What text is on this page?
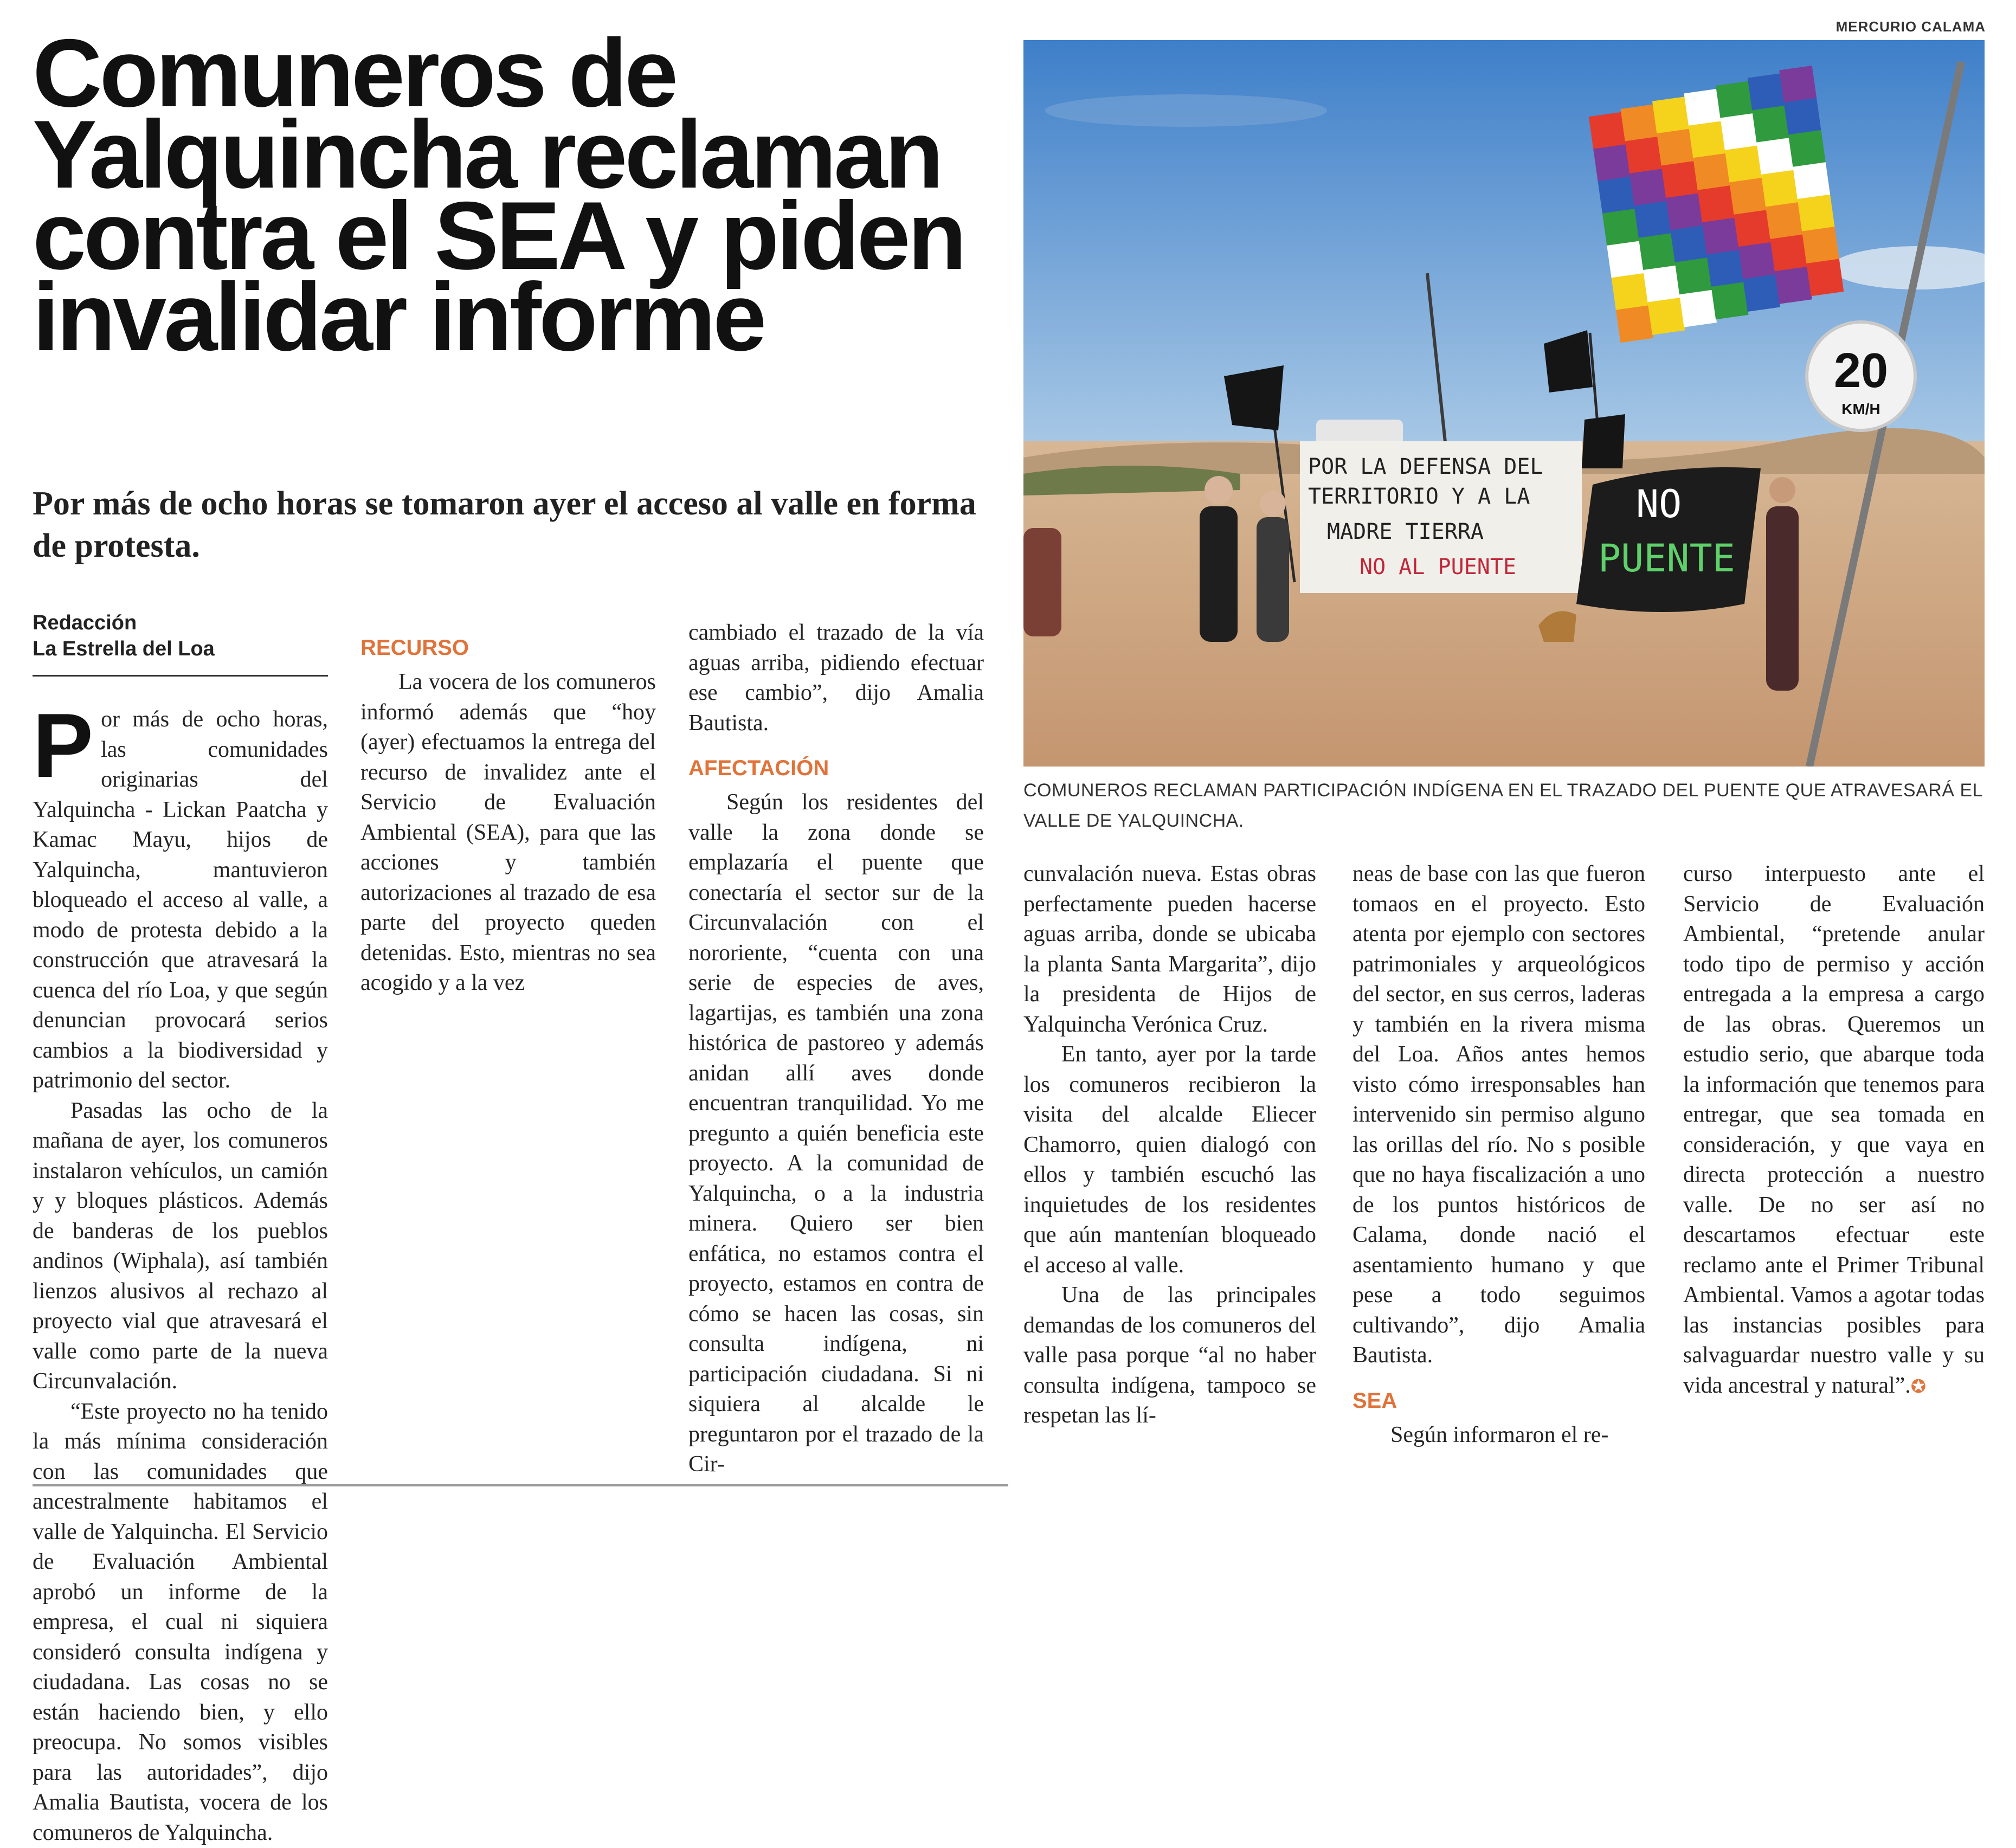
MERCURIO CALAMA
Comuneros de
Yalquincha reclaman
contra el SEA y piden
invalidar informe

Por más de ocho horas se tomaron ayer el acceso al valle en forma de protesta.

Redacción
La Estrella del Loa
20
KM/H
POR LA DEFENSA DEL
TERRITORIO Y A LA
MADRE TIERRA
NO AL PUENTE
NO
PUENTE

COMUNEROS RECLAMAN PARTICIPACIÓN INDÍGENA EN EL TRAZADO DEL PUENTE QUE ATRAVESARÁ EL VALLE DE YALQUINCHA.

Por más de ocho horas, las comunidades originarias del Yalquincha - Lickan Paatcha y Kamac Mayu, hijos de Yalquincha, mantuvieron bloqueado el acceso al valle, a modo de protesta debido a la construcción que atravesará la cuenca del río Loa, y que según denuncian provocará serios cambios a la biodiversidad y patrimonio del sector.

Pasadas las ocho de la mañana de ayer, los comuneros instalaron vehículos, un camión y y bloques plásticos. Además de banderas de los pueblos andinos (Wiphala), así también lienzos alusivos al rechazo al proyecto vial que atravesará el valle como parte de la nueva Circunvalación.

“Este proyecto no ha tenido la más mínima consideración con las comunidades que ancestralmente habitamos el valle de Yalquincha. El Servicio de Evaluación Ambiental aprobó un informe de la empresa, el cual ni siquiera consideró consulta indígena y ciudadana. Las cosas no se están haciendo bien, y ello preocupa. No somos visibles para las autoridades”, dijo Amalia Bautista, vocera de los comuneros de Yalquincha.

RECURSO

La vocera de los comuneros informó además que “hoy (ayer) efectuamos la entrega del recurso de invalidez ante el Servicio de Evaluación Ambiental (SEA), para que las acciones y también autorizaciones al trazado de esa parte del proyecto queden detenidas. Esto, mientras no sea acogido y a la vez

cambiado el trazado de la vía aguas arriba, pidiendo efectuar ese cambio”, dijo Amalia Bautista.

AFECTACIÓN

Según los residentes del valle la zona donde se emplazaría el puente que conectaría el sector sur de la Circunvalación con el nororiente, “cuenta con una serie de especies de aves, lagartijas, es también una zona histórica de pastoreo y además anidan allí aves donde encuentran tranquilidad. Yo me pregunto a quién beneficia este proyecto. A la comunidad de Yalquincha, o a la industria minera. Quiero ser bien enfática, no estamos contra el proyecto, estamos en contra de cómo se hacen las cosas, sin consulta indígena, ni participación ciudadana. Si ni siquiera al alcalde le preguntaron por el trazado de la Cir-

cunvalación nueva. Estas obras perfectamente pueden hacerse aguas arriba, donde se ubicaba la planta Santa Margarita”, dijo la presidenta de Hijos de Yalquincha Verónica Cruz.

En tanto, ayer por la tarde los comuneros recibieron la visita del alcalde Eliecer Chamorro, quien dialogó con ellos y también escuchó las inquietudes de los residentes que aún mantenían bloqueado el acceso al valle.

Una de las principales demandas de los comuneros del valle pasa porque “al no haber consulta indígena, tampoco se respetan las lí-

neas de base con las que fueron tomaos en el proyecto. Esto atenta por ejemplo con sectores patrimoniales y arqueológicos del sector, en sus cerros, laderas y también en la rivera misma del Loa. Años antes hemos visto cómo irresponsables han intervenido sin permiso alguno las orillas del río. No s posible que no haya fiscalización a uno de los puntos históricos de Calama, donde nació el asentamiento humano y que pese a todo seguimos cultivando”, dijo Amalia Bautista.

SEA

Según informaron el re-

curso interpuesto ante el Servicio de Evaluación Ambiental, “pretende anular todo tipo de permiso y acción entregada a la empresa a cargo de las obras. Queremos un estudio serio, que abarque toda la información que tenemos para entregar, que sea tomada en consideración, y que vaya en directa protección a nuestro valle. De no ser así no descartamos efectuar este reclamo ante el Primer Tribunal Ambiental. Vamos a agotar todas las instancias posibles para salvaguardar nuestro valle y su vida ancestral y natural”.✪
